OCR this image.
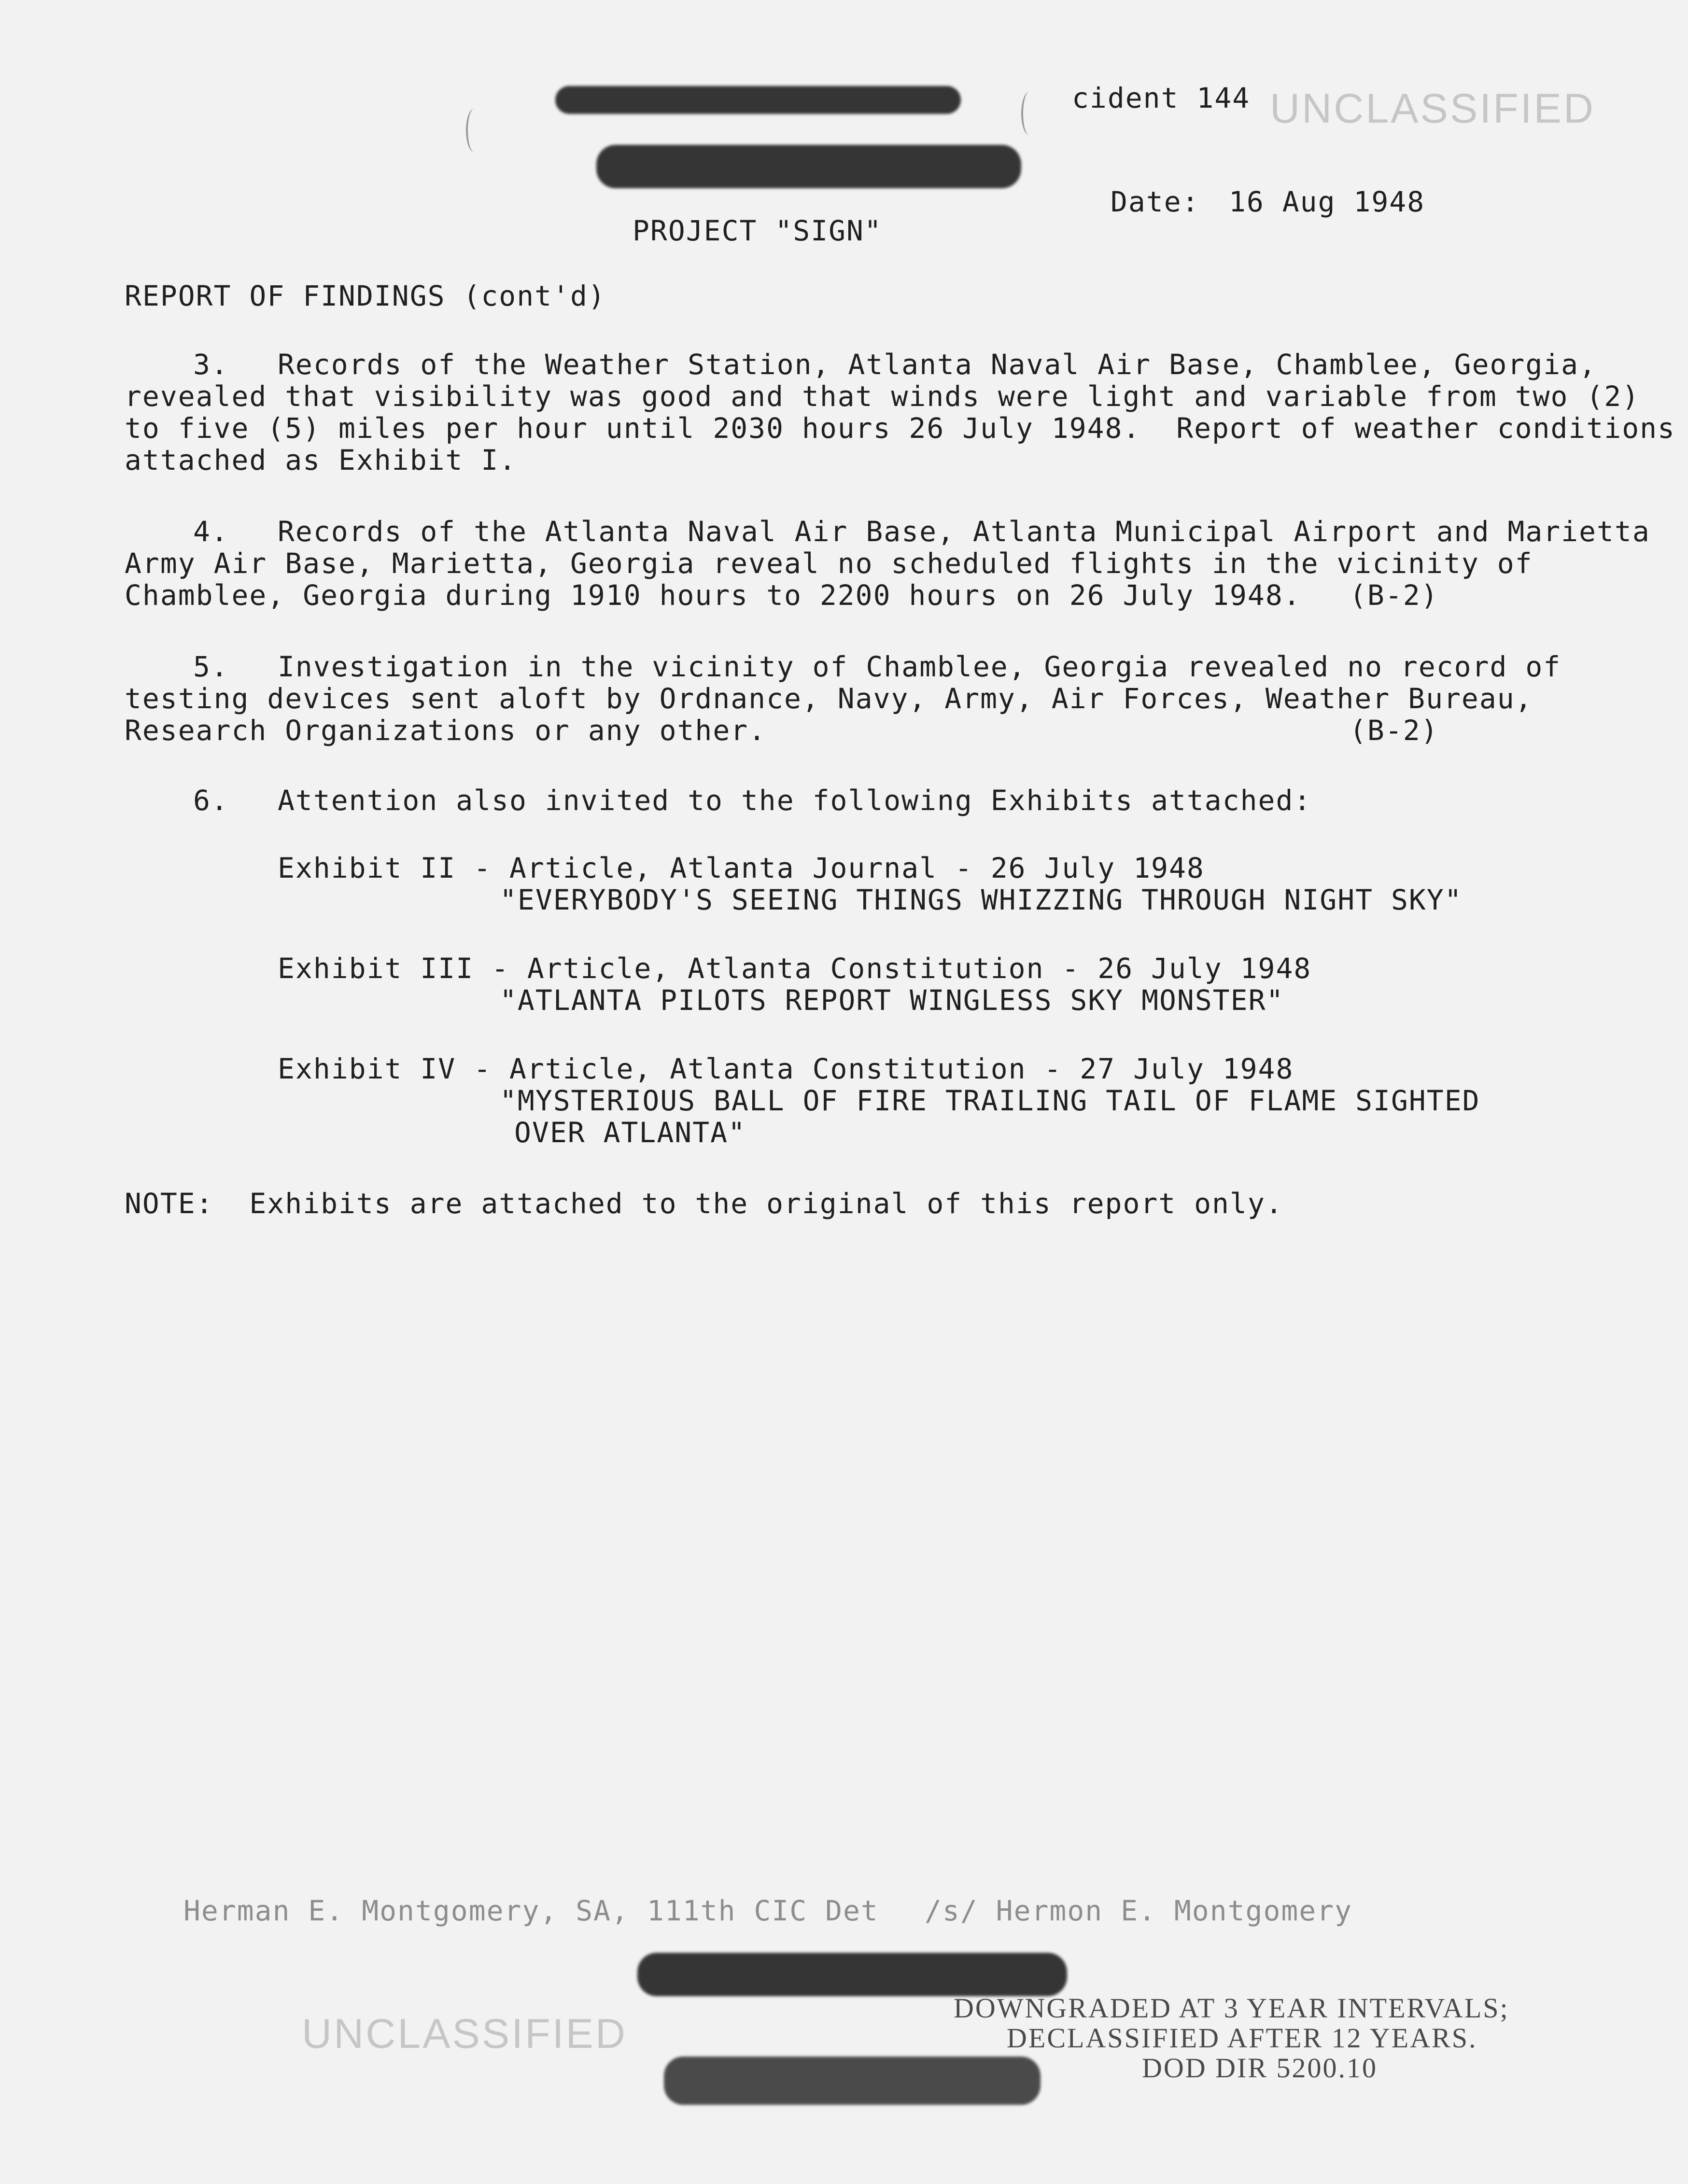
cident 144 UNCLASSIFIED
Date: 16 Aug 1948
PROJECT "SIGN"
REPORT OF FINDINGS (cont'd)
3. Records of the Weather Station, Atlanta Naval Air Base, Chamblee, Georgia,
revealed that visibility was good and that winds were light and variable from two (2)
to five (5) miles per hour until 2030 hours 26 July 1948.  Report of weather conditions
attached as Exhibit I.
4. Records of the Atlanta Naval Air Base, Atlanta Municipal Airport and Marietta
Army Air Base, Marietta, Georgia reveal no scheduled flights in the vicinity of
Chamblee, Georgia during 1910 hours to 2200 hours on 26 July 1948. (B-2)
5. Investigation in the vicinity of Chamblee, Georgia revealed no record of
testing devices sent aloft by Ordnance, Navy, Army, Air Forces, Weather Bureau,
Research Organizations or any other.	(B-2)
6. Attention also invited to the following Exhibits attached:
Exhibit II - Article, Atlanta Journal - 26 July 1948
"EVERYBODY'S SEEING THINGS WHIZZING THROUGH NIGHT SKY"
Exhibit III - Article, Atlanta Constitution - 26 July 1948
"ATLANTA PILOTS REPORT WINGLESS SKY MONSTER"
Exhibit IV - Article, Atlanta Constitution - 27 July 1948
"MYSTERIOUS BALL OF FIRE TRAILING TAIL OF FLAME SIGHTED
OVER ATLANTA"
NOTE:  Exhibits are attached to the original of this report only.
Herman E. Montgomery, SA, 111th CIC Det /s/ Hermon E. Montgomery
UNCLASSIFIED
DOWNGRADED AT 3 YEAR INTERVALS;
DECLASSIFIED AFTER 12 YEARS.
DOD DIR 5200.10
